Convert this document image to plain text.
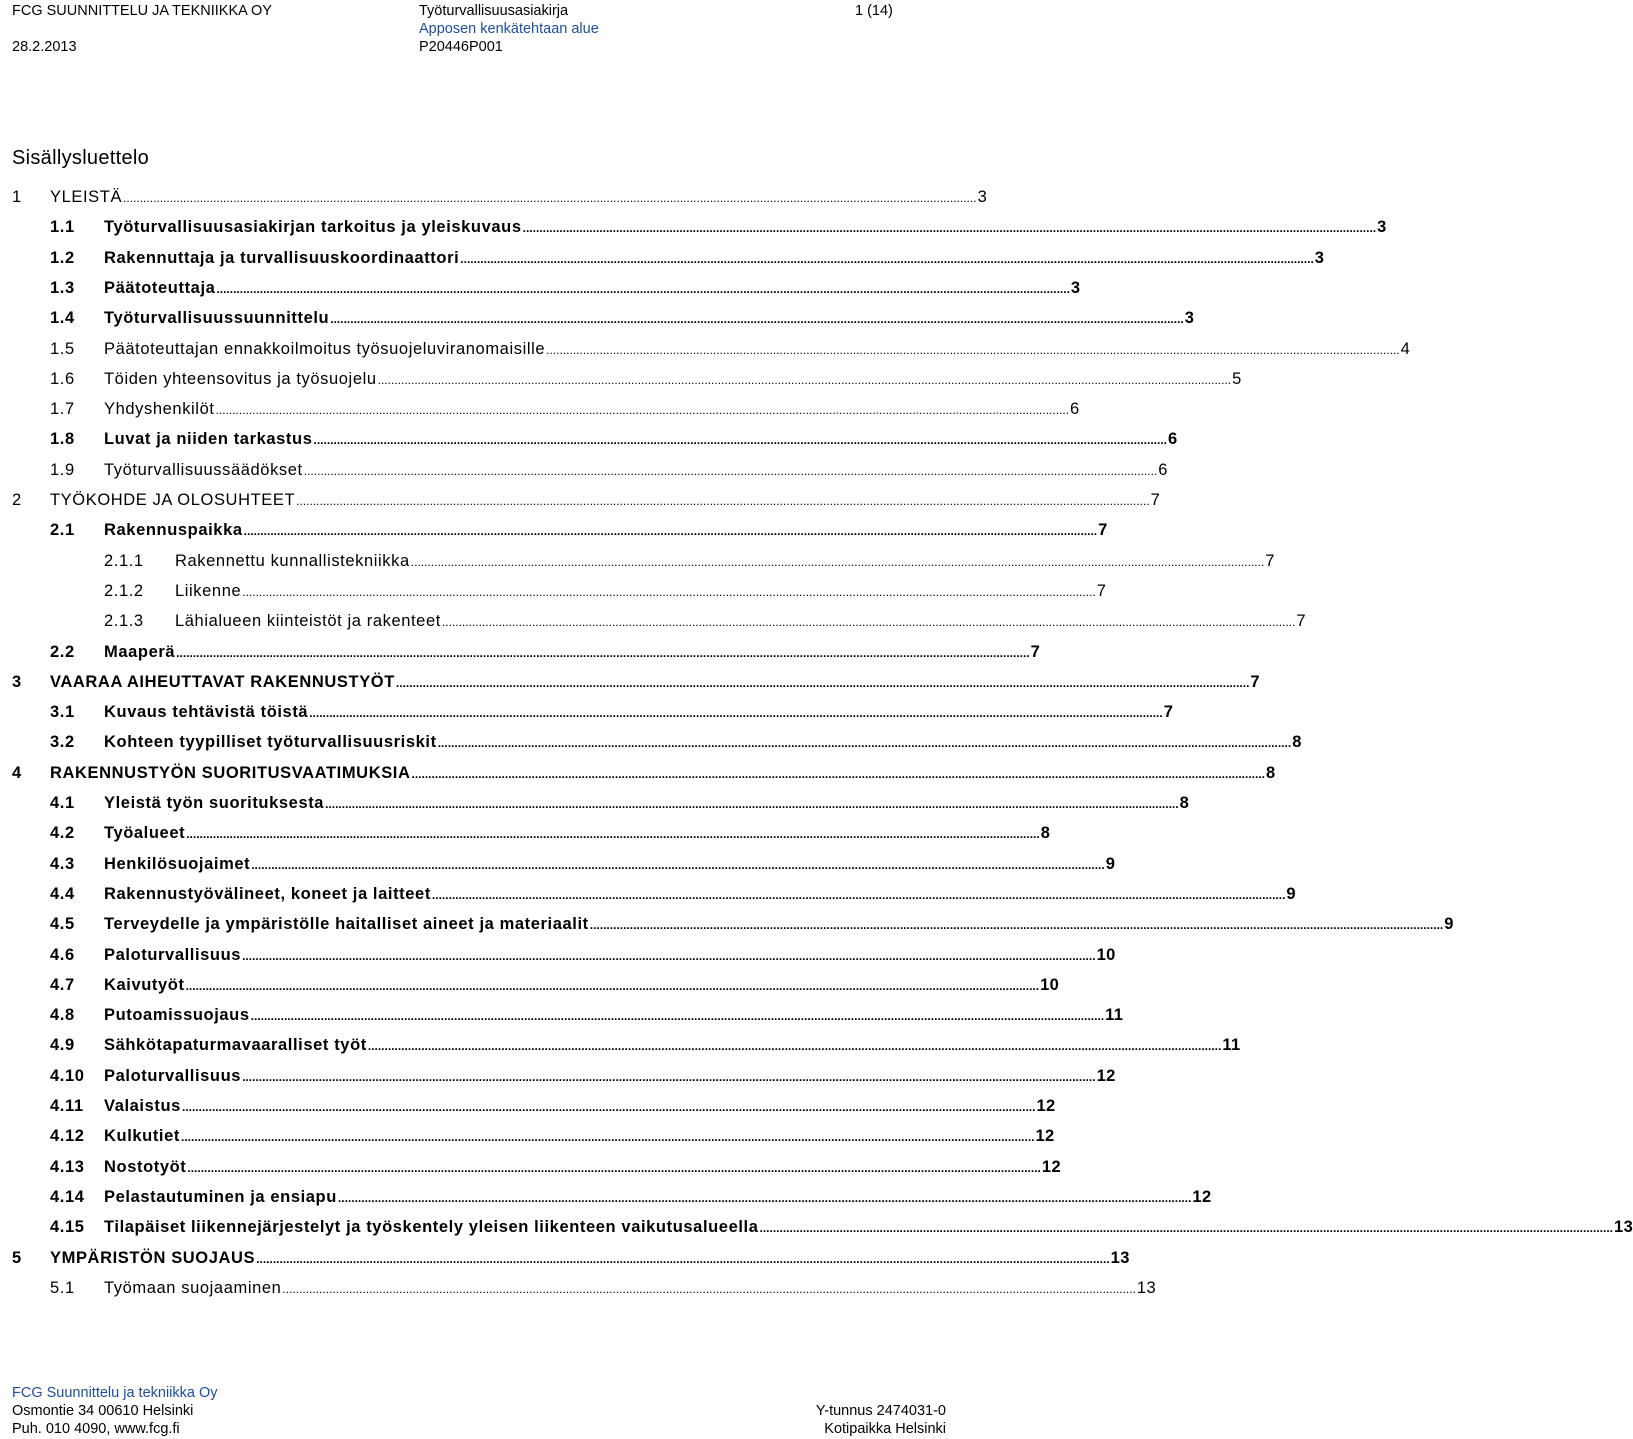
FCG SUUNNITTELU JA TEKNIIKKA OY
28.2.2013
Työturvallisuusasiakirja
Apposen kenkätehtaan alue
P20446P001
1 (14)
Sisällysluettelo
1	YLEISTÄ .....	3
1.1	Työturvallisuusasiakirjan tarkoitus ja yleiskuvaus .....	3
1.2	Rakennuttaja ja turvallisuuskoordinaattori .....	3
1.3	Päätoteuttaja .....	3
1.4	Työturvallisuussuunnittelu .....	3
1.5	Päätoteuttajan ennakkoilmoitus työsuojeluviranomaisille .....	4
1.6	Töiden yhteensovitus ja työsuojelu .....	5
1.7	Yhdyshenkilöt .....	6
1.8	Luvat ja niiden tarkastus .....	6
1.9	Työturvallisuussäädökset .....	6
2	TYÖKOHDE JA OLOSUHTEET .....	7
2.1	Rakennuspaikka .....	7
2.1.1	Rakennettu kunnallistekniikka .....	7
2.1.2	Liikenne .....	7
2.1.3	Lähialueen kiinteistöt ja rakenteet .....	7
2.2	Maaperä .....	7
3	VAARAA AIHEUTTAVAT RAKENNUSTYÖT .....	7
3.1	Kuvaus tehtävistä töistä .....	7
3.2	Kohteen tyypilliset työturvallisuusriskit .....	8
4	RAKENNUSTYÖN SUORITUSVAATIMUKSIA .....	8
4.1	Yleistä työn suorituksesta .....	8
4.2	Työalueet .....	8
4.3	Henkilösuojaimet .....	9
4.4	Rakennustyövälineet, koneet ja laitteet .....	9
4.5	Terveydelle ja ympäristölle haitalliset aineet ja materiaalit .....	9
4.6	Paloturvallisuus .....	10
4.7	Kaivutyöt .....	10
4.8	Putoamissuojaus .....	11
4.9	Sähkötapaturmavaaralliset työt .....	11
4.10	Paloturvallisuus .....	12
4.11	Valaistus .....	12
4.12	Kulkutiet .....	12
4.13	Nostotyöt .....	12
4.14	Pelastautuminen ja ensiapu .....	12
4.15	Tilapäiset liikennejärjestelyt ja työskentely yleisen liikenteen vaikutusalueella .....	13
5	YMPÄRISTÖN SUOJAUS .....	13
5.1	Työmaan suojaaminen .....	13
FCG Suunnittelu ja tekniikka Oy
Osmontie 34 00610 Helsinki
Puh. 010 4090, www.fcg.fi
Y-tunnus 2474031-0
Kotipaikka Helsinki
